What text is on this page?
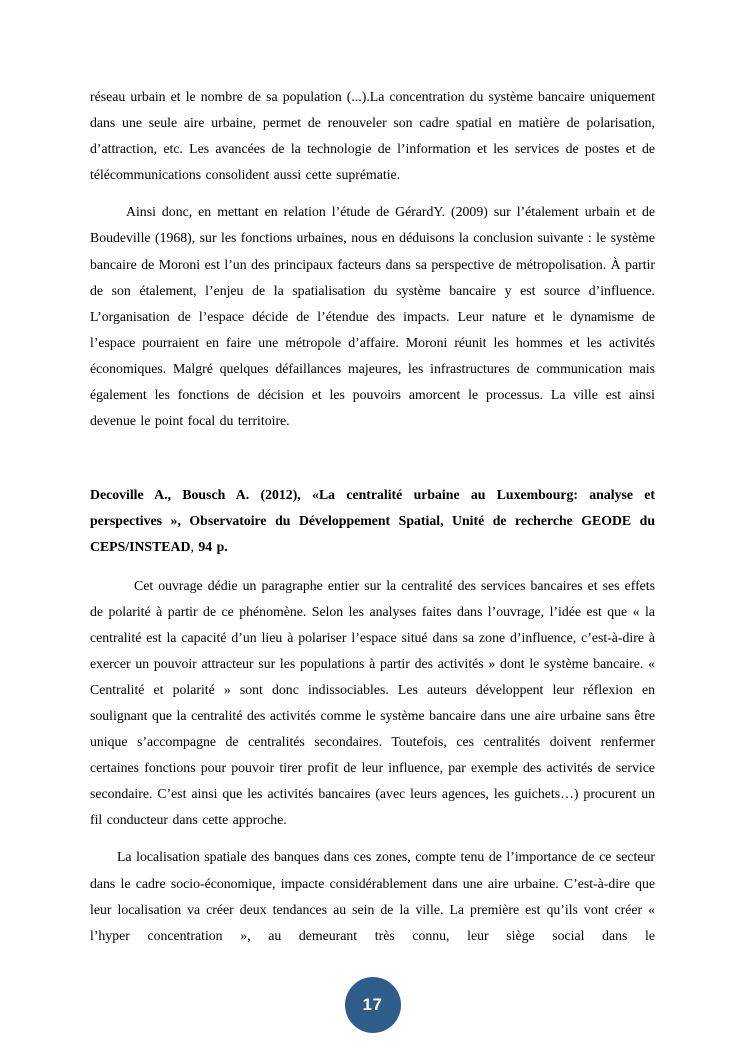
réseau urbain et le nombre de sa population (...).La concentration du système bancaire uniquement dans une seule aire urbaine, permet de renouveler son cadre spatial en matière de polarisation, d’attraction, etc. Les avancées de la technologie de l’information et les services de postes et de télécommunications consolident aussi cette suprématie.

Ainsi donc, en mettant en relation l’étude de GérardY. (2009) sur l’étalement urbain et de Boudeville (1968), sur les fonctions urbaines, nous en déduisons la conclusion suivante : le système bancaire de Moroni est l’un des principaux facteurs dans sa perspective de métropolisation. À partir de son étalement, l’enjeu de la spatialisation du système bancaire y est source d’influence. L’organisation de l’espace décide de l’étendue des impacts. Leur nature et le dynamisme de l’espace pourraient en faire une métropole d’affaire. Moroni réunit les hommes et les activités économiques. Malgré quelques défaillances majeures, les infrastructures de communication mais également les fonctions de décision et les pouvoirs amorcent le processus. La ville est ainsi devenue le point focal du territoire.

Decoville A., Bousch A. (2012), «La centralité urbaine au Luxembourg: analyse et perspectives », Observatoire du Développement Spatial, Unité de recherche GEODE du CEPS/INSTEAD, 94 p.

Cet ouvrage dédie un paragraphe entier sur la centralité des services bancaires et ses effets de polarité à partir de ce phénomène. Selon les analyses faites dans l’ouvrage, l’idée est que « la centralité est la capacité d’un lieu à polariser l’espace situé dans sa zone d’influence, c’est-à-dire à exercer un pouvoir attracteur sur les populations à partir des activités » dont le système bancaire. « Centralité et polarité » sont donc indissociables. Les auteurs développent leur réflexion en soulignant que la centralité des activités comme le système bancaire dans une aire urbaine sans être unique s’accompagne de centralités secondaires. Toutefois, ces centralités doivent renfermer certaines fonctions pour pouvoir tirer profit de leur influence, par exemple des activités de service secondaire. C’est ainsi que les activités bancaires (avec leurs agences, les guichets…) procurent un fil conducteur dans cette approche.

La localisation spatiale des banques dans ces zones, compte tenu de l’importance de ce secteur dans le cadre socio-économique, impacte considérablement dans une aire urbaine. C’est-à-dire que leur localisation va créer deux tendances au sein de la ville. La première est qu’ils vont créer « l’hyper concentration », au demeurant très connu, leur siège social dans le

17
